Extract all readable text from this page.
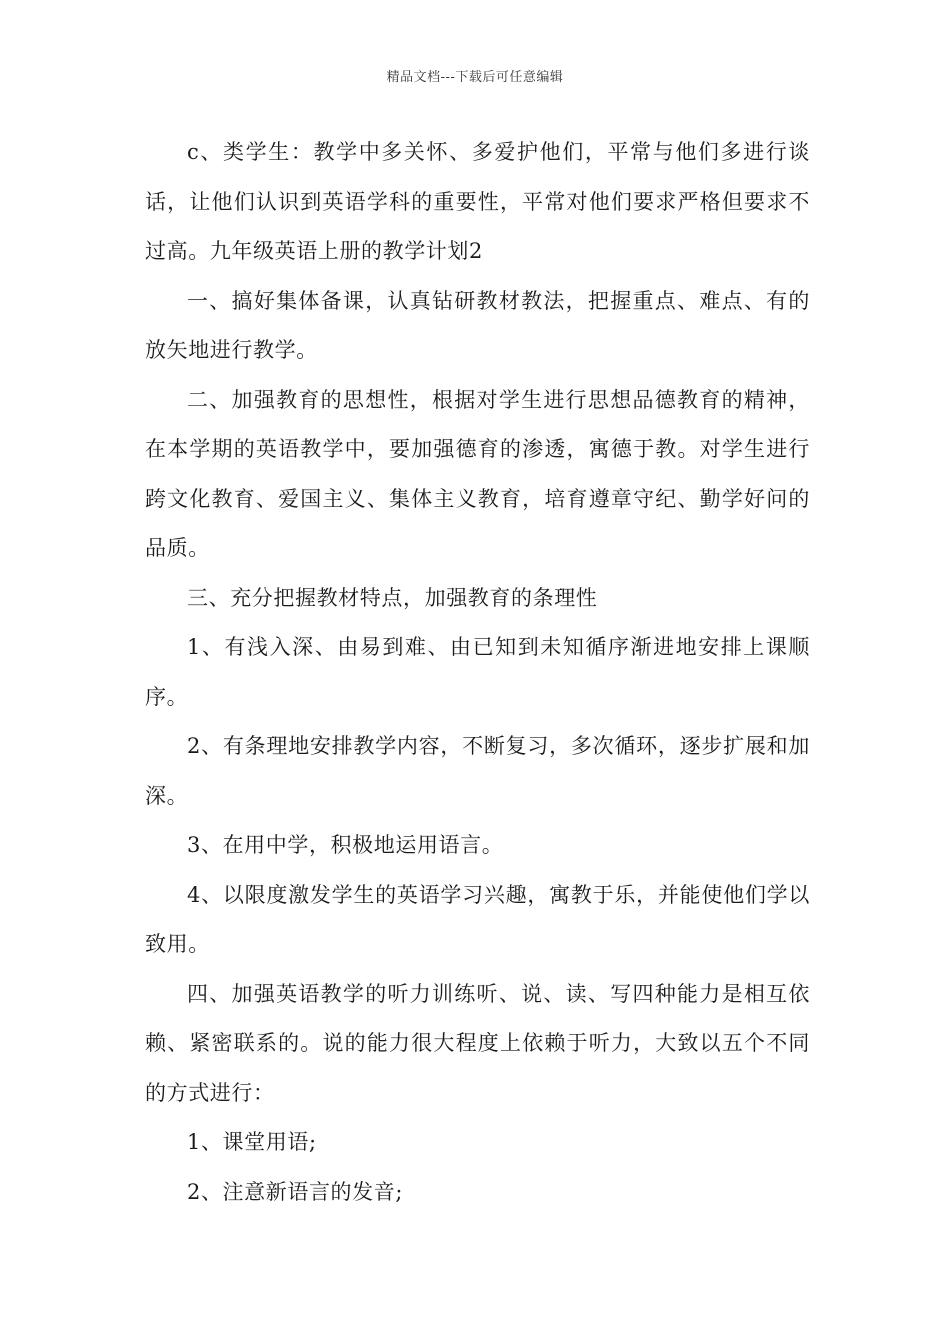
精品文档---下载后可任意编辑

c、类学生：教学中多关怀、多爱护他们，平常与他们多进行谈话，让他们认识到英语学科的重要性，平常对他们要求严格但要求不过高。九年级英语上册的教学计划2

一、搞好集体备课，认真钻研教材教法，把握重点、难点、有的放矢地进行教学。

二、加强教育的思想性，根据对学生进行思想品德教育的精神，在本学期的英语教学中，要加强德育的渗透，寓德于教。对学生进行跨文化教育、爱国主义、集体主义教育，培育遵章守纪、勤学好问的品质。

三、充分把握教材特点，加强教育的条理性

1、有浅入深、由易到难、由已知到未知循序渐进地安排上课顺序。

2、有条理地安排教学内容，不断复习，多次循环，逐步扩展和加深。

3、在用中学，积极地运用语言。

4、以限度激发学生的英语学习兴趣，寓教于乐，并能使他们学以致用。

四、加强英语教学的听力训练听、说、读、写四种能力是相互依赖、紧密联系的。说的能力很大程度上依赖于听力，大致以五个不同的方式进行：

1、课堂用语;

2、注意新语言的发音;
